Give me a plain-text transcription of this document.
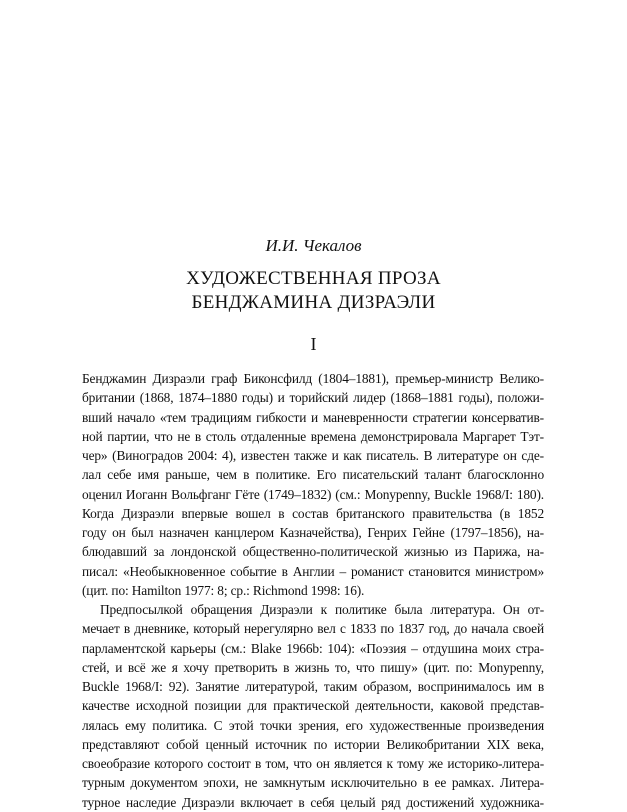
И.И. Чекалов
ХУДОЖЕСТВЕННАЯ ПРОЗА
БЕНДЖАМИНА ДИЗРАЭЛИ
I
Бенджамин Дизраэли граф Биконсфилд (1804–1881), премьер-министр Велико-
британии (1868, 1874–1880 годы) и торийский лидер (1868–1881 годы), положи-
вший начало «тем традициям гибкости и маневренности стратегии консерватив-
ной партии, что не в столь отдаленные времена демонстрировала Маргарет Тэт-
чер» (Виноградов 2004: 4), известен также и как писатель. В литературе он сде-
лал себе имя раньше, чем в политике. Его писательский талант благосклонно
оценил Иоганн Вольфганг Гёте (1749–1832) (см.: Monypenny, Buckle 1968/I: 180).
Когда Дизраэли впервые вошел в состав британского правительства (в 1852
году он был назначен канцлером Казначейства), Генрих Гейне (1797–1856), на-
блюдавший за лондонской общественно-политической жизнью из Парижа, на-
писал: «Необыкновенное событие в Англии – романист становится министром»
(цит. по: Hamilton 1977: 8; ср.: Richmond 1998: 16).
Предпосылкой обращения Дизраэли к политике была литература. Он от-
мечает в дневнике, который нерегулярно вел с 1833 по 1837 год, до начала своей
парламентской карьеры (см.: Blake 1966b: 104): «Поэзия – отдушина моих стра-
стей, и всё же я хочу претворить в жизнь то, что пишу» (цит. по: Monypenny,
Buckle 1968/I: 92). Занятие литературой, таким образом, воспринималось им в
качестве исходной позиции для практической деятельности, каковой представ-
лялась ему политика. С этой точки зрения, его художественные произведения
представляют собой ценный источник по истории Великобритании XIX века,
своеобразие которого состоит в том, что он является к тому же историко-литера-
турным документом эпохи, не замкнутым исключительно в ее рамках. Литера-
турное наследие Дизраэли включает в себя целый ряд достижений художника-
